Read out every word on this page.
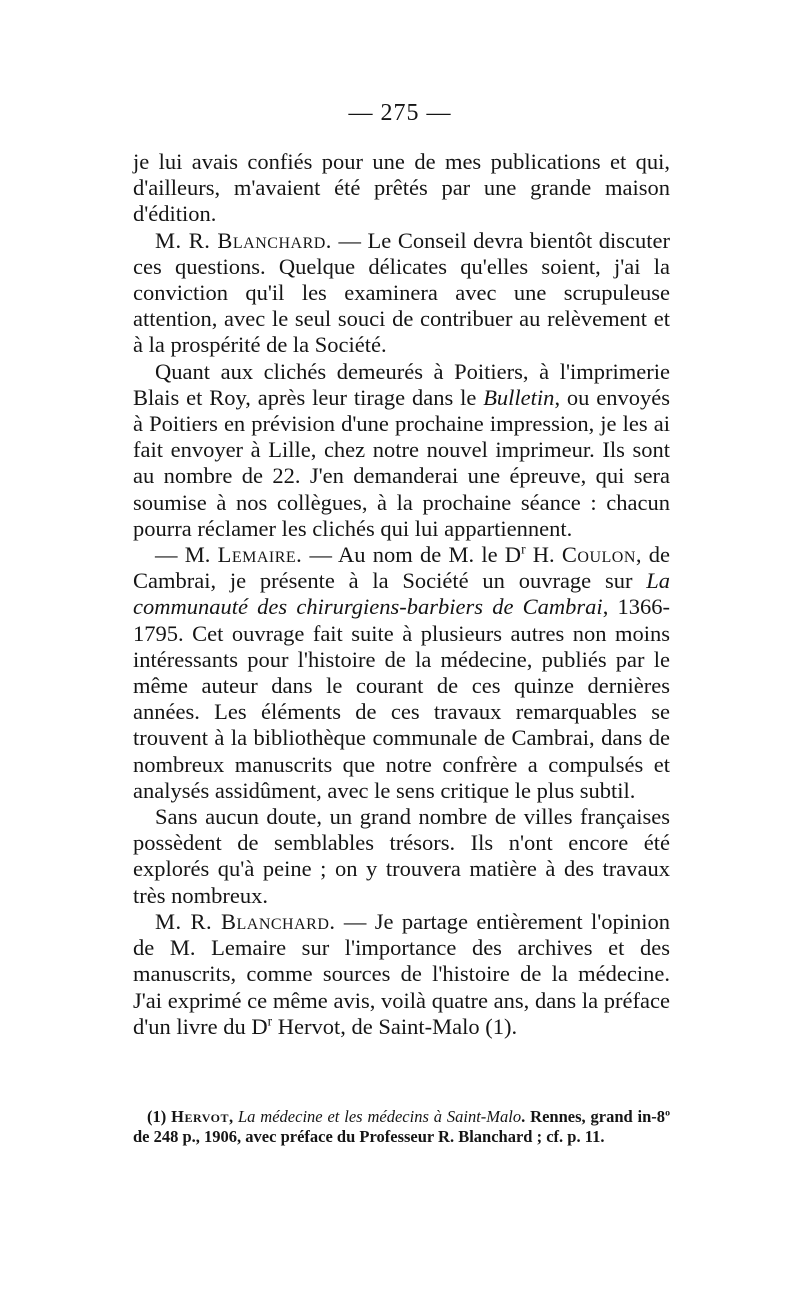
— 275 —

je lui avais confiés pour une de mes publications et qui, d'ailleurs, m'avaient été prêtés par une grande maison d'édition.

M. R. Blanchard. — Le Conseil devra bientôt discuter ces questions. Quelque délicates qu'elles soient, j'ai la conviction qu'il les examinera avec une scrupuleuse attention, avec le seul souci de contribuer au relèvement et à la prospérité de la Société.

Quant aux clichés demeurés à Poitiers, à l'imprimerie Blais et Roy, après leur tirage dans le Bulletin, ou envoyés à Poitiers en prévision d'une prochaine impression, je les ai fait envoyer à Lille, chez notre nouvel imprimeur. Ils sont au nombre de 22. J'en demanderai une épreuve, qui sera soumise à nos collègues, à la prochaine séance : chacun pourra réclamer les clichés qui lui appartiennent.

— M. Lemaire. — Au nom de M. le $D^r$ H. Coulon, de Cambrai, je présente à la Société un ouvrage sur La communauté des chirurgiens-barbiers de Cambrai, 1366-1795. Cet ouvrage fait suite à plusieurs autres non moins intéressants pour l'histoire de la médecine, publiés par le même auteur dans le courant de ces quinze dernières années. Les éléments de ces travaux remarquables se trouvent à la bibliothèque communale de Cambrai, dans de nombreux manuscrits que notre confrère a compulsés et analysés assidûment, avec le sens critique le plus subtil.

Sans aucun doute, un grand nombre de villes françaises possèdent de semblables trésors. Ils n'ont encore été explorés qu'à peine ; on y trouvera matière à des travaux très nombreux.

M. R. Blanchard. — Je partage entièrement l'opinion de M. Lemaire sur l'importance des archives et des manuscrits, comme sources de l'histoire de la médecine. J'ai exprimé ce même avis, voilà quatre ans, dans la préface d'un livre du $D^r$ Hervot, de Saint-Malo (1).

(1) Hervot, La médecine et les médecins à Saint-Malo. Rennes, grand in-8$^o$ de 248 p., 1906, avec préface du Professeur R. Blanchard ; cf. p. 11.
